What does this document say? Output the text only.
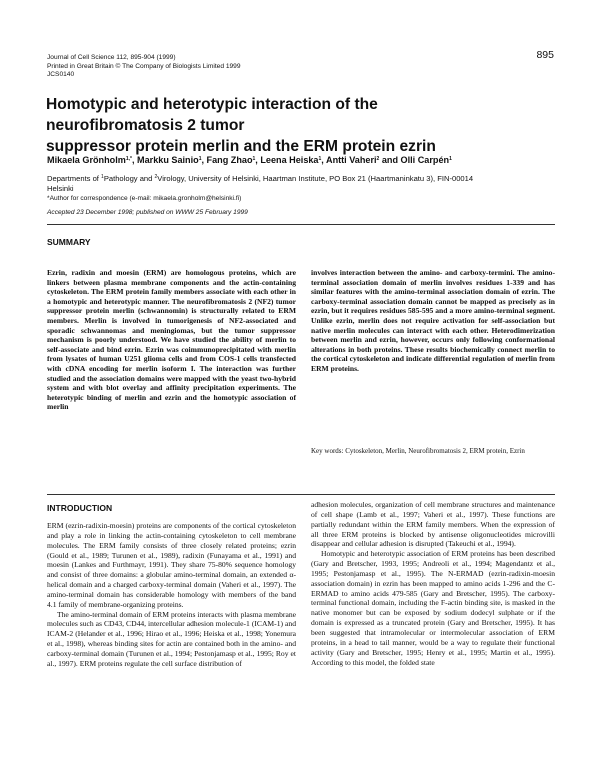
Journal of Cell Science 112, 895-904 (1999)
Printed in Great Britain © The Company of Biologists Limited 1999
JCS0140
895
Homotypic and heterotypic interaction of the neurofibromatosis 2 tumor
suppressor protein merlin and the ERM protein ezrin
Mikaela Grönholm$^{1,*}$, Markku Sainio$^1$, Fang Zhao$^1$, Leena Heiska$^1$, Antti Vaheri$^2$ and Olli Carpén$^1$
Departments of $^1$Pathology and $^2$Virology, University of Helsinki, Haartman Institute, PO Box 21 (Haartmaninkatu 3), FIN-00014
Helsinki
*Author for correspondence (e-mail: mikaela.gronholm@helsinki.fi)
Accepted 23 December 1998; published on WWW 25 February 1999
SUMMARY
Ezrin, radixin and moesin (ERM) are homologous proteins, which are linkers between plasma membrane components and the actin-containing cytoskeleton. The ERM protein family members associate with each other in a homotypic and heterotypic manner. The neurofibromatosis 2 (NF2) tumor suppressor protein merlin (schwannomin) is structurally related to ERM members. Merlin is involved in tumorigenesis of NF2-associated and sporadic schwannomas and meningiomas, but the tumor suppressor mechanism is poorly understood. We have studied the ability of merlin to self-associate and bind ezrin. Ezrin was coimmunoprecipitated with merlin from lysates of human U251 glioma cells and from COS-1 cells transfected with cDNA encoding for merlin isoform I. The interaction was further studied and the association domains were mapped with the yeast two-hybrid system and with blot overlay and affinity precipitation experiments. The heterotypic binding of merlin and ezrin and the homotypic association of merlin
involves interaction between the amino- and carboxy-termini. The amino-terminal association domain of merlin involves residues 1-339 and has similar features with the amino-terminal association domain of ezrin. The carboxy-terminal association domain cannot be mapped as precisely as in ezrin, but it requires residues 585-595 and a more amino-terminal segment. Unlike ezrin, merlin does not require activation for self-association but native merlin molecules can interact with each other. Heterodimerization between merlin and ezrin, however, occurs only following conformational alterations in both proteins. These results biochemically connect merlin to the cortical cytoskeleton and indicate differential regulation of merlin from ERM proteins.
Key words: Cytoskeleton, Merlin, Neurofibromatosis 2, ERM protein, Ezrin
INTRODUCTION

ERM (ezrin-radixin-moesin) proteins are components of the cortical cytoskeleton and play a role in linking the actin-containing cytoskeleton to cell membrane molecules. The ERM family consists of three closely related proteins; ezrin (Gould et al., 1989; Turunen et al., 1989), radixin (Funayama et al., 1991) and moesin (Lankes and Furthmayr, 1991). They share 75-80% sequence homology and consist of three domains: a globular amino-terminal domain, an extended α-helical domain and a charged carboxy-terminal domain (Vaheri et al., 1997). The amino-terminal domain has considerable homology with members of the band 4.1 family of membrane-organizing proteins.

The amino-terminal domain of ERM proteins interacts with plasma membrane molecules such as CD43, CD44, intercellular adhesion molecule-1 (ICAM-1) and ICAM-2 (Helander et al., 1996; Hirao et al., 1996; Heiska et al., 1998; Yonemura et al., 1998), whereas binding sites for actin are contained both in the amino- and carboxy-terminal domain (Turunen et al., 1994; Pestonjamasp et al., 1995; Roy et al., 1997). ERM proteins regulate the cell surface distribution of

adhesion molecules, organization of cell membrane structures and maintenance of cell shape (Lamb et al., 1997; Vaheri et al., 1997). These functions are partially redundant within the ERM family members. When the expression of all three ERM proteins is blocked by antisense oligonucleotides microvilli disappear and cellular adhesion is disrupted (Takeuchi et al., 1994).

Homotypic and heterotypic association of ERM proteins has been described (Gary and Bretscher, 1993, 1995; Andreoli et al., 1994; Magendantz et al., 1995; Pestonjamasp et al., 1995). The N-ERMAD (ezrin-radixin-moesin association domain) in ezrin has been mapped to amino acids 1-296 and the C-ERMAD to amino acids 479-585 (Gary and Bretscher, 1995). The carboxy-terminal functional domain, including the F-actin binding site, is masked in the native monomer but can be exposed by sodium dodecyl sulphate or if the domain is expressed as a truncated protein (Gary and Bretscher, 1995). It has been suggested that intramolecular or intermolecular association of ERM proteins, in a head to tail manner, would be a way to regulate their functional activity (Gary and Bretscher, 1995; Henry et al., 1995; Martin et al., 1995). According to this model, the folded state
